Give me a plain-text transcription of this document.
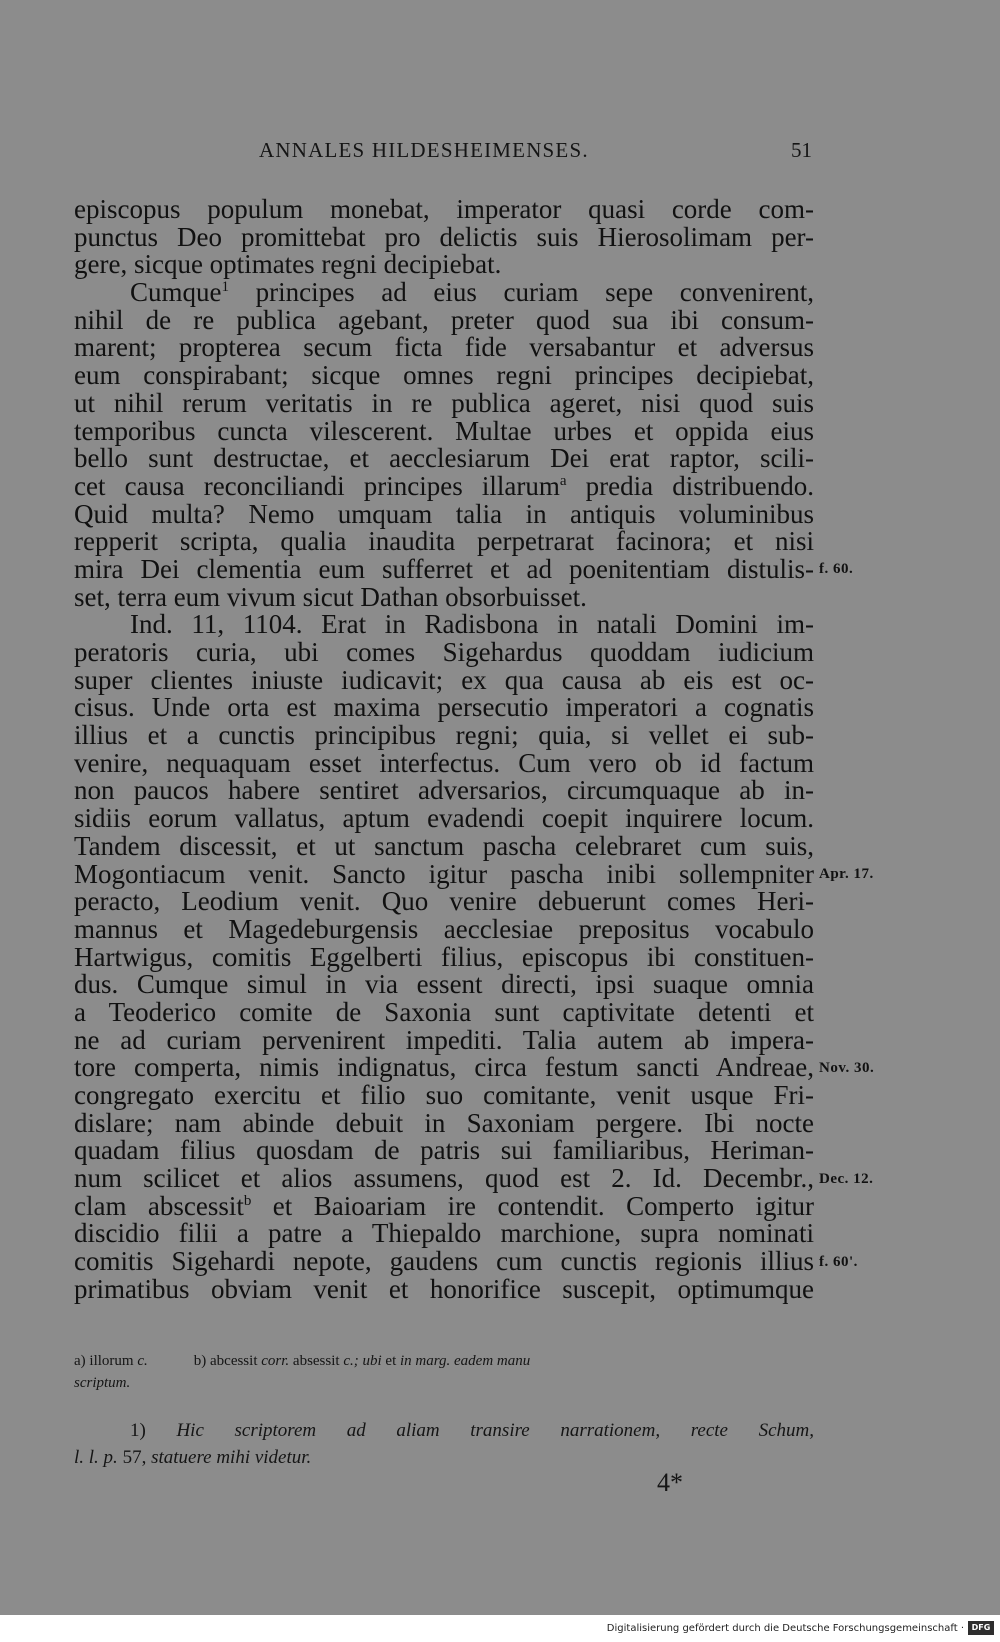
ANNALES HILDESHEIMENSES.	51
episcopus populum monebat, imperator quasi corde com-
punctus Deo promittebat pro delictis suis Hierosolimam per-
gere, sicque optimates regni decipiebat.
Cumque$^1$ principes ad eius curiam sepe convenirent,
nihil de re publica agebant, preter quod sua ibi consum-
marent; propterea secum ficta fide versabantur et adversus
eum conspirabant; sicque omnes regni principes decipiebat,
ut nihil rerum veritatis in re publica ageret, nisi quod suis
temporibus cuncta vilescerent. Multae urbes et oppida eius
bello sunt destructae, et aecclesiarum Dei erat raptor, scili-
cet causa reconciliandi principes illarum$^a$ predia distribuendo.
Quid multa? Nemo umquam talia in antiquis voluminibus
repperit scripta, qualia inaudita perpetrarat facinora; et nisi
mira Dei clementia eum sufferret et ad poenitentiam distulis- f. 60.
set, terra eum vivum sicut Dathan obsorbuisset.
Ind. 11, 1104. Erat in Radisbona in natali Domini im-
peratoris curia, ubi comes Sigehardus quoddam iudicium
super clientes iniuste iudicavit; ex qua causa ab eis est oc-
cisus. Unde orta est maxima persecutio imperatori a cognatis
illius et a cunctis principibus regni; quia, si vellet ei sub-
venire, nequaquam esset interfectus. Cum vero ob id factum
non paucos habere sentiret adversarios, circumquaque ab in-
sidiis eorum vallatus, aptum evadendi coepit inquirere locum.
Tandem discessit, et ut sanctum pascha celebraret cum suis,
Mogontiacum venit. Sancto igitur pascha inibi sollempniter Apr. 17.
peracto, Leodium venit. Quo venire debuerunt comes Heri-
mannus et Magedeburgensis aecclesiae prepositus vocabulo
Hartwigus, comitis Eggelberti filius, episcopus ibi constituen-
dus. Cumque simul in via essent directi, ipsi suaque omnia
a Teoderico comite de Saxonia sunt captivitate detenti et
ne ad curiam pervenirent impediti. Talia autem ab impera-
tore comperta, nimis indignatus, circa festum sancti Andreae, Nov. 30.
congregato exercitu et filio suo comitante, venit usque Fri-
dislare; nam abinde debuit in Saxoniam pergere. Ibi nocte
quadam filius quosdam de patris sui familiaribus, Heriman-
num scilicet et alios assumens, quod est 2. Id. Decembr., Dec. 12.
clam abscessit$^b$ et Baioariam ire contendit. Comperto igitur
discidio filii a patre a Thiepaldo marchione, supra nominati
comitis Sigehardi nepote, gaudens cum cunctis regionis illius f. 60'.
primatibus obviam venit et honorifice suscepit, optimumque
a) illorum c.	b) abcessit corr. absessit c.; ubi et in marg. eadem manu
scriptum.
1) Hic scriptorem ad aliam transire narrationem, recte Schum,
l. l. p. 57, statuere mihi videtur.
4*
Digitalisierung gefördert durch die Deutsche Forschungsgemeinschaft · DFG
